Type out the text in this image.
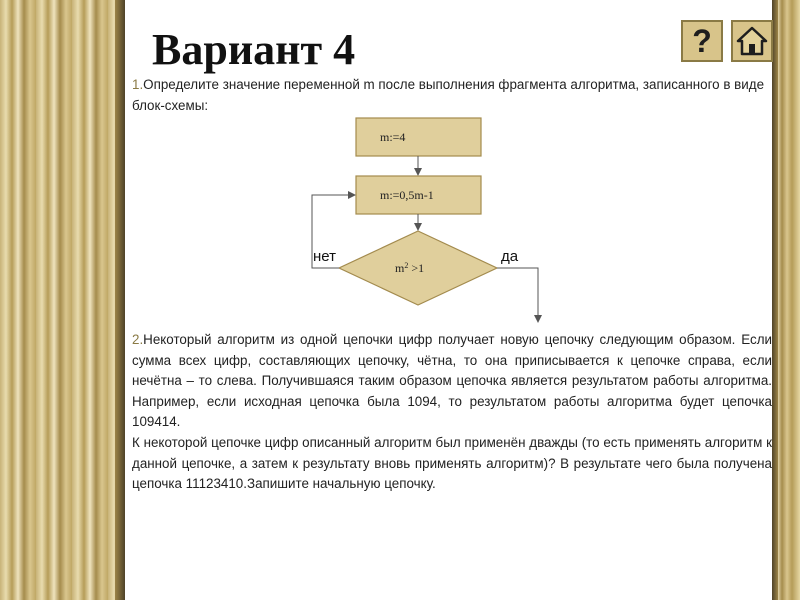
Вариант 4	?

1.Определите значение переменной m после выполнения фрагмента алгоритма, записанного в виде блок-схемы:

m:=4
m:=0,5m-1
$m^2 >1$
нет	да
2.Некоторый алгоритм из одной цепочки цифр получает новую цепочку следующим образом. Если сумма всех цифр, составляющих цепочку, чётна, то она приписывается к цепочке справа, если нечётна – то слева. Получившаяся таким образом цепочка является результатом работы алгоритма. Например, если исходная цепочка была 1094, то результатом работы алгоритма будет цепочка 109414.
К некоторой цепочке цифр описанный алгоритм был применён дважды (то есть применять алгоритм к данной цепочке, а затем к результату вновь применять алгоритм)? В результате чего была получена цепочка 11123410.Запишите начальную цепочку.
